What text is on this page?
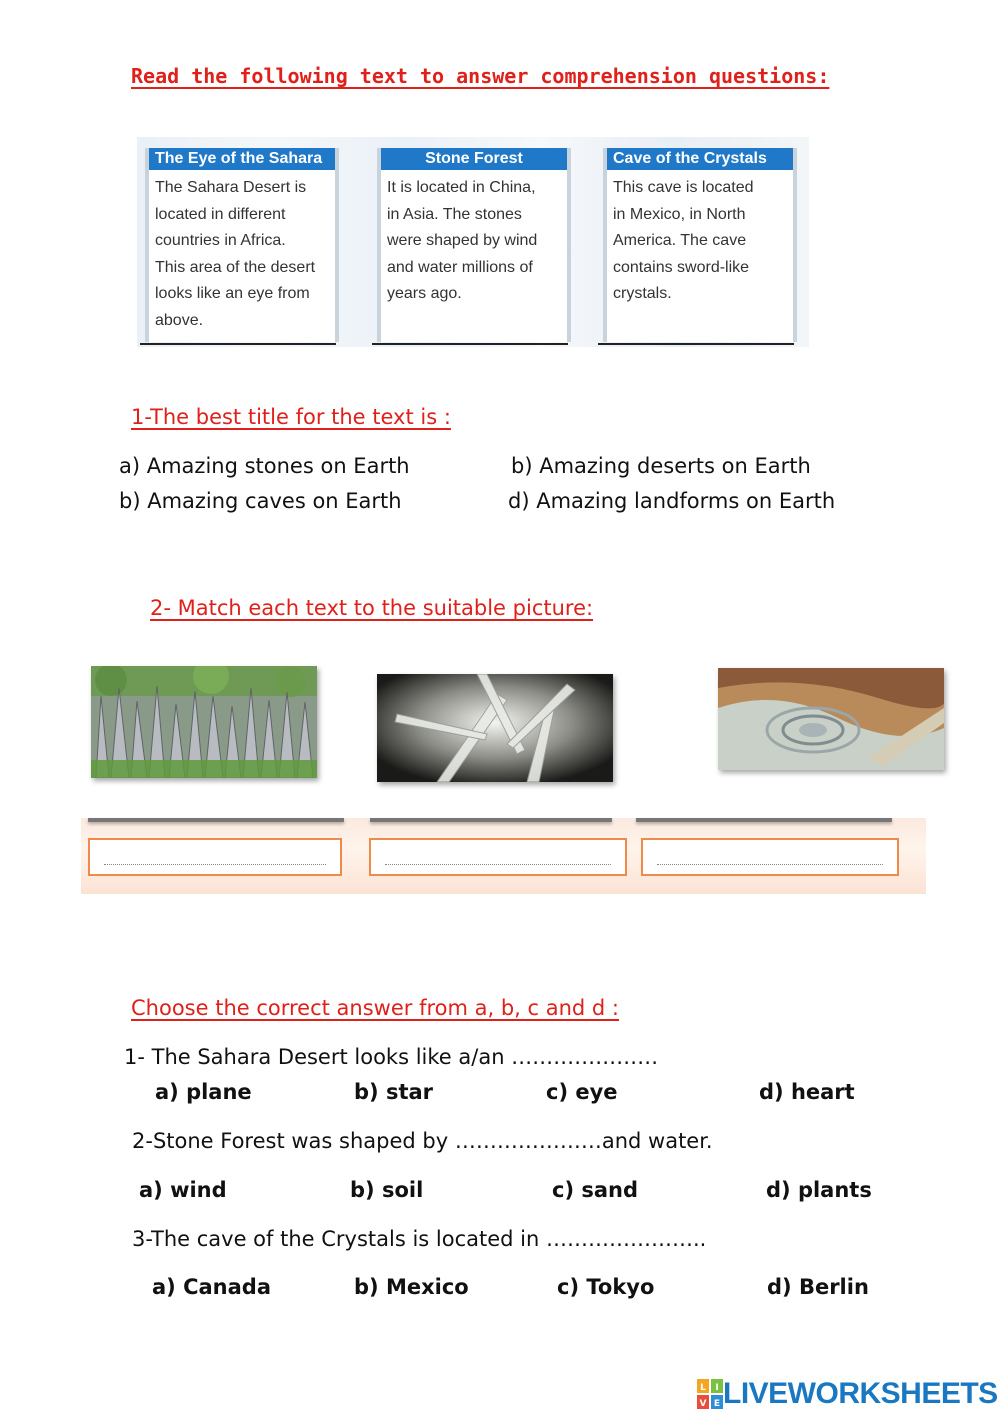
Read the following text to answer comprehension questions:
The Eye of the Sahara
The Sahara Desert is
located in different
countries in Africa.
This area of the desert
looks like an eye from
above.
Stone Forest
It is located in China,
in Asia. The stones
were shaped by wind
and water millions of
years ago.
Cave of the Crystals
This cave is located
in Mexico, in North
America. The cave
contains sword-like
crystals.
1-The best title for the text is :
a) Amazing stones on Earth	b) Amazing deserts on Earth
b) Amazing caves on Earth	d) Amazing landforms on Earth
2- Match each text to the suitable picture:
Choose the correct answer from a, b, c and d :
1- The Sahara Desert looks like a/an …………………
a) plane	b) star	c) eye	d) heart
2-Stone Forest was shaped by …………………and water.
a) wind	b) soil	c) sand	d) plants
3-The cave of the Crystals is located in …………………..
a) Canada	b) Mexico	c) Tokyo	d) Berlin
L I
V E LIVEWORKSHEETS
